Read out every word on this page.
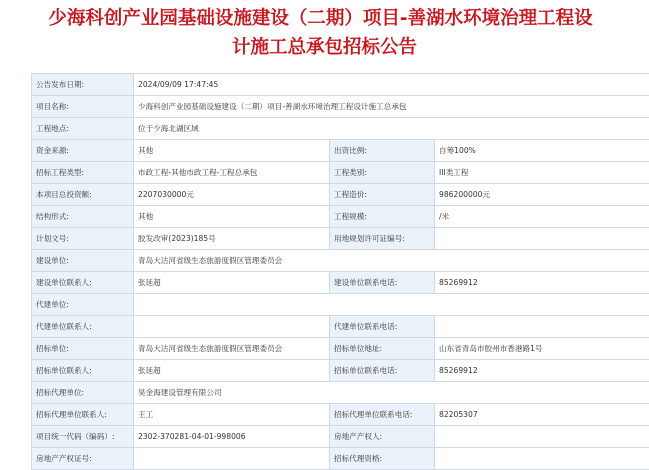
少海科创产业园基础设施建设（二期）项目-善湖水环境治理工程设
计施工总承包招标公告
公告发布日期:	2024/09/09 17:47:45		
项目名称:	少海科创产业园基础设施建设（二期）项目-善湖水环境治理工程设计施工总承包		
工程地点:	位于少海北湖区域		
资金来源:	其他	出资比例:	自筹100%
招标工程类型:	市政工程-其他市政工程-工程总承包	工程类别:	III类工程
本项目总投资额:	2207030000元	工程造价:	986200000元
结构形式:	其他	工程规模:	/米
计划文号:	胶发改审(2023)185号	用地规划许可证编号:	
建设单位:	青岛大沽河省级生态旅游度假区管理委员会		
建设单位联系人:	张延超	建设单位联系电话:	85269912
代建单位:			
代建单位联系人:		代建单位联系电话:	
招标单位:	青岛大沽河省级生态旅游度假区管理委员会	招标单位地址:	山东省青岛市胶州市香港路1号
招标单位联系人:	张延超	招标单位联系电话:	85269912
招标代理单位:	昊金海建设管理有限公司		
招标代理单位联系人:	王工	招标代理单位联系电话:	82205307
项目统一代码（编码）:	2302-370281-04-01-998006	房地产产权人:	
房地产产权证号:		招标代理资格:	
